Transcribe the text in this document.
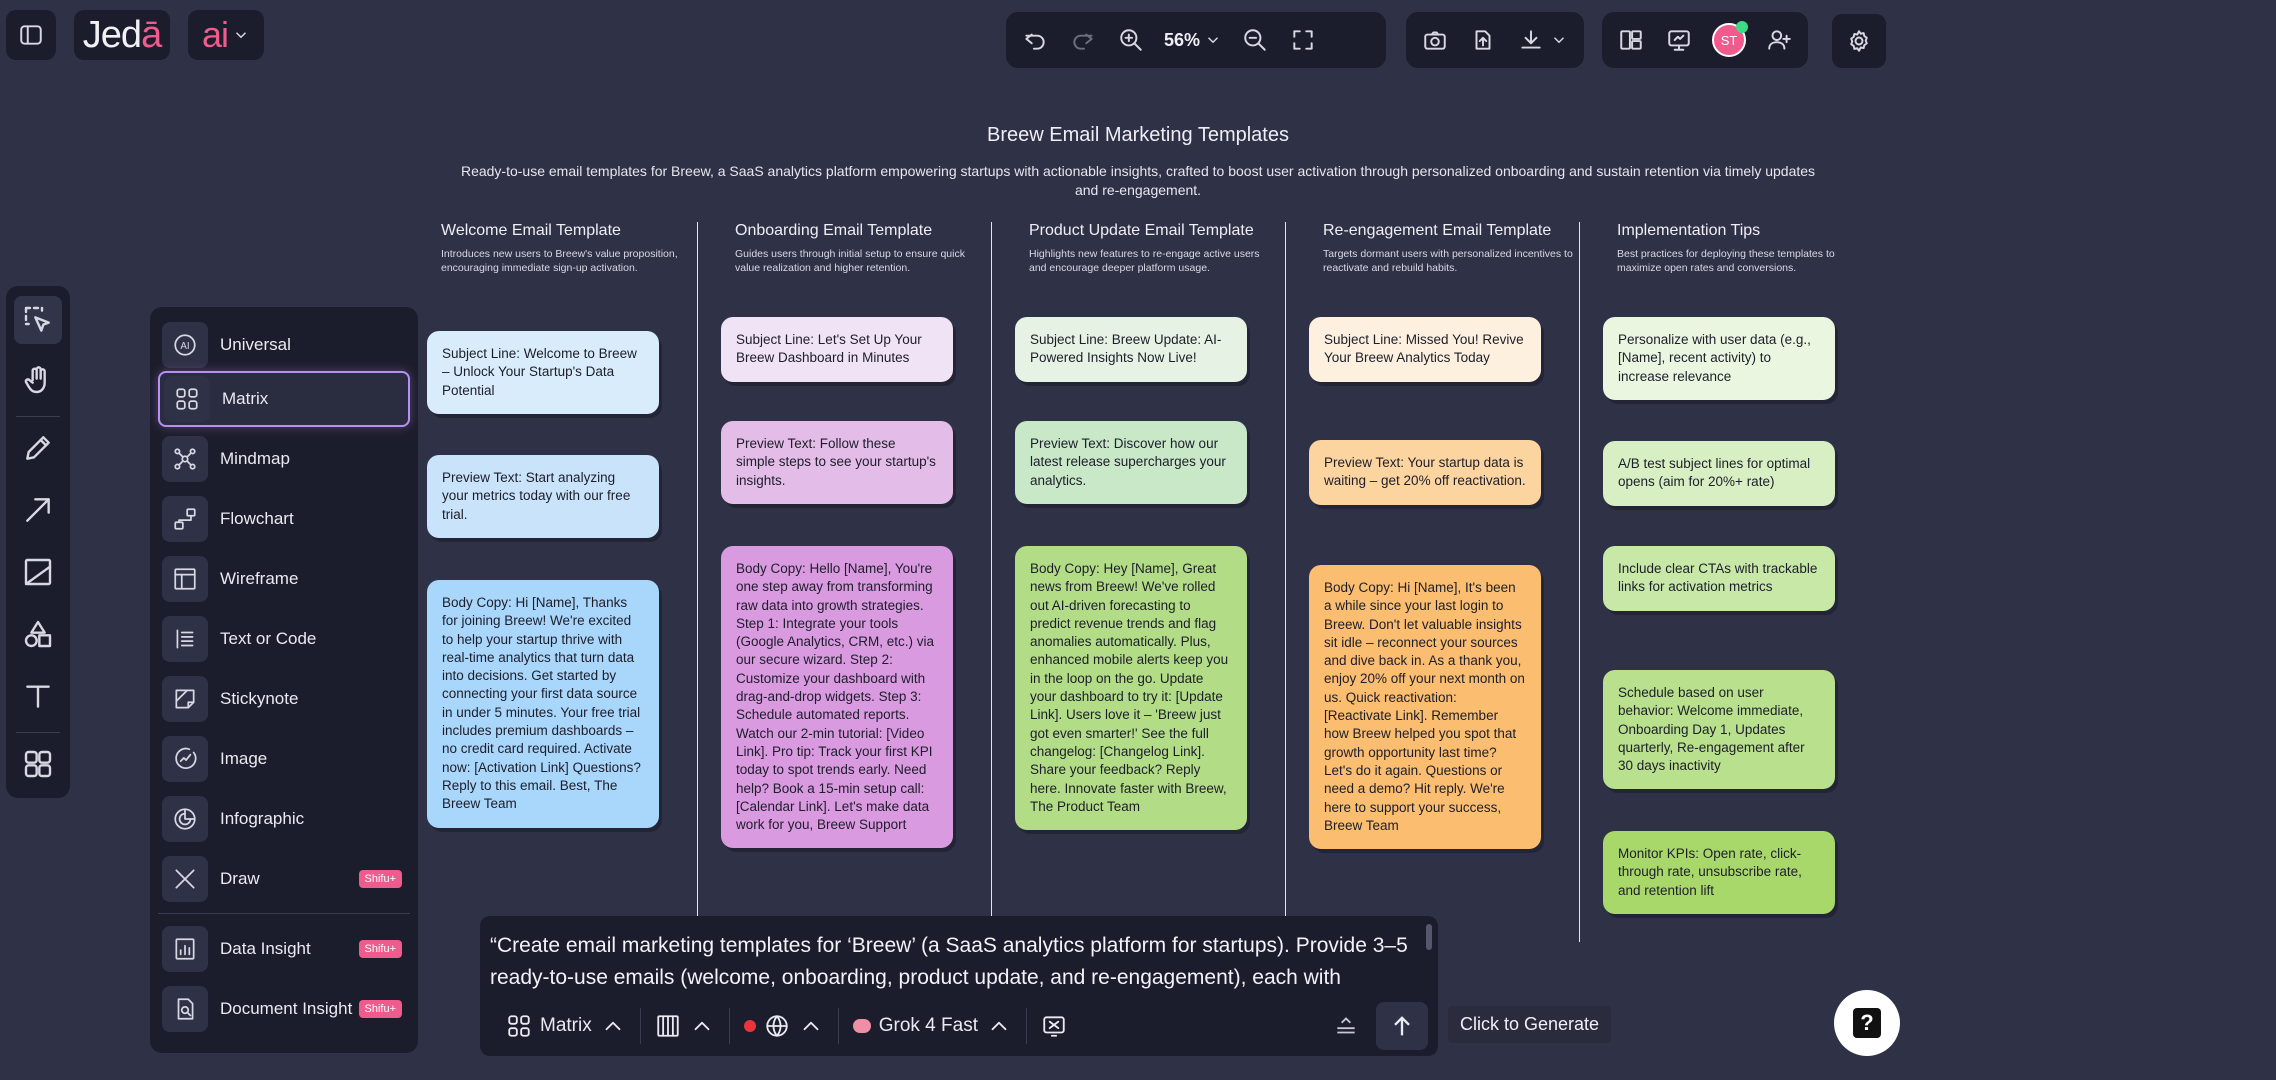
Jedā ai	56%	ST
AI Universal
Matrix
Mindmap
Flowchart
Wireframe
Text or Code
Stickynote
Image
Infographic
Draw	Shifu+
Data Insight	Shifu+
Document Insight	Shifu+
Breew Email Marketing Templates
Ready-to-use email templates for Breew, a SaaS analytics platform empowering startups with actionable insights, crafted to boost user activation through personalized onboarding and sustain retention via timely updates and re-engagement.
Welcome Email Template
Introduces new users to Breew's value proposition, encouraging immediate sign-up activation.
Subject Line: Welcome to Breew – Unlock Your Startup's Data Potential
Preview Text: Start analyzing your metrics today with our free trial.
Body Copy: Hi [Name], Thanks for joining Breew! We're excited to help your startup thrive with real-time analytics that turn data into decisions. Get started by connecting your first data source in under 5 minutes. Your free trial includes premium dashboards – no credit card required. Activate now: [Activation Link] Questions? Reply to this email. Best, The Breew Team
Onboarding Email Template
Guides users through initial setup to ensure quick value realization and higher retention.
Subject Line: Let's Set Up Your Breew Dashboard in Minutes
Preview Text: Follow these simple steps to see your startup's insights.
Body Copy: Hello [Name], You're one step away from transforming raw data into growth strategies. Step 1: Integrate your tools (Google Analytics, CRM, etc.) via our secure wizard. Step 2: Customize your dashboard with drag-and-drop widgets. Step 3: Schedule automated reports. Watch our 2-min tutorial: [Video Link]. Pro tip: Track your first KPI today to spot trends early. Need help? Book a 15-min setup call: [Calendar Link]. Let's make data work for you, Breew Support
Product Update Email Template
Highlights new features to re-engage active users and encourage deeper platform usage.
Subject Line: Breew Update: AI-Powered Insights Now Live!
Preview Text: Discover how our latest release supercharges your analytics.
Body Copy: Hey [Name], Great news from Breew! We've rolled out AI-driven forecasting to predict revenue trends and flag anomalies automatically. Plus, enhanced mobile alerts keep you in the loop on the go. Update your dashboard to try it: [Update Link]. Users love it – 'Breew just got even smarter!' See the full changelog: [Changelog Link]. Share your feedback? Reply here. Innovate faster with Breew, The Product Team
Re-engagement Email Template
Targets dormant users with personalized incentives to reactivate and rebuild habits.
Subject Line: Missed You! Revive Your Breew Analytics Today
Preview Text: Your startup data is waiting – get 20% off reactivation.
Body Copy: Hi [Name], It's been a while since your last login to Breew. Don't let valuable insights sit idle – reconnect your sources and dive back in. As a thank you, enjoy 20% off your next month on us. Quick reactivation: [Reactivate Link]. Remember how Breew helped you spot that growth opportunity last time? Let's do it again. Questions or need a demo? Hit reply. We're here to support your success, Breew Team
Implementation Tips
Best practices for deploying these templates to maximize open rates and conversions.
Personalize with user data (e.g., [Name], recent activity) to increase relevance
A/B test subject lines for optimal opens (aim for 20%+ rate)
Include clear CTAs with trackable links for activation metrics
Schedule based on user behavior: Welcome immediate, Onboarding Day 1, Updates quarterly, Re-engagement after 30 days inactivity
Monitor KPIs: Open rate, click-through rate, unsubscribe rate, and retention lift
“Create email marketing templates for ‘Breew’ (a SaaS analytics platform for startups). Provide 3–5 ready-to-use emails (welcome, onboarding, product update, and re-engagement), each with
Matrix	Grok 4 Fast	Click to Generate	?
